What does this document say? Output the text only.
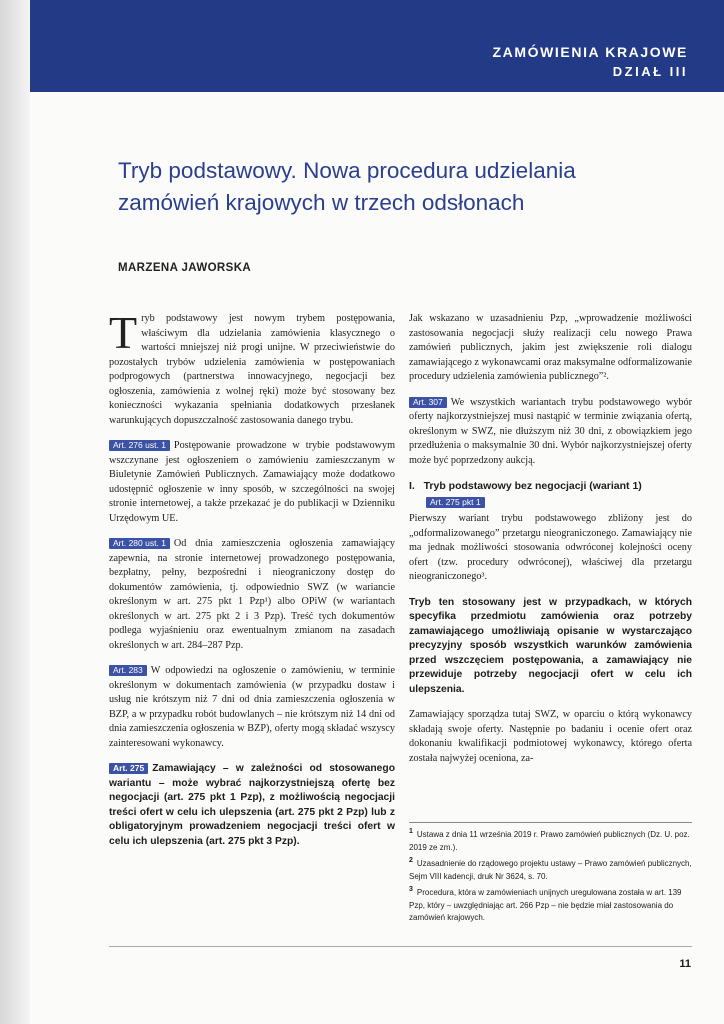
ZAMÓWIENIA KRAJOWE
DZIAŁ III
Tryb podstawowy. Nowa procedura udzielania zamówień krajowych w trzech odsłonach
MARZENA JAWORSKA

Tryb podstawowy jest nowym trybem postępowania, właściwym dla udzielania zamówienia klasycznego o wartości mniejszej niż progi unijne. W przeciwieństwie do pozostałych trybów udzielenia zamówienia w postępowaniach podprogowych (partnerstwa innowacyjnego, negocjacji bez ogłoszenia, zamówienia z wolnej ręki) może być stosowany bez konieczności wykazania spełniania dodatkowych przesłanek warunkujących dopuszczalność zastosowania danego trybu.

Art. 276 ust. 1 Postępowanie prowadzone w trybie podstawowym wszczynane jest ogłoszeniem o zamówieniu zamieszczanym w Biuletynie Zamówień Publicznych. Zamawiający może dodatkowo udostępnić ogłoszenie w inny sposób, w szczególności na swojej stronie internetowej, a także przekazać je do publikacji w Dzienniku Urzędowym UE.

Art. 280 ust. 1 Od dnia zamieszczenia ogłoszenia zamawiający zapewnia, na stronie internetowej prowadzonego postępowania, bezpłatny, pełny, bezpośredni i nieograniczony dostęp do dokumentów zamówienia, tj. odpowiednio SWZ (w wariancie określonym w art. 275 pkt 1 Pzp¹) albo OPiW (w wariantach określonych w art. 275 pkt 2 i 3 Pzp). Treść tych dokumentów podlega wyjaśnieniu oraz ewentualnym zmianom na zasadach określonych w art. 284–287 Pzp.

Art. 283 W odpowiedzi na ogłoszenie o zamówieniu, w terminie określonym w dokumentach zamówienia (w przypadku dostaw i usług nie krótszym niż 7 dni od dnia zamieszczenia ogłoszenia w BZP, a w przypadku robót budowlanych – nie krótszym niż 14 dni od dnia zamieszczenia ogłoszenia w BZP), oferty mogą składać wszyscy zainteresowani wykonawcy.

Art. 275 Zamawiający – w zależności od stosowanego wariantu – może wybrać najkorzystniejszą ofertę bez negocjacji (art. 275 pkt 1 Pzp), z możliwością negocjacji treści ofert w celu ich ulepszenia (art. 275 pkt 2 Pzp) lub z obligatoryjnym prowadzeniem negocjacji treści ofert w celu ich ulepszenia (art. 275 pkt 3 Pzp).

Jak wskazano w uzasadnieniu Pzp, „wprowadzenie możliwości zastosowania negocjacji służy realizacji celu nowego Prawa zamówień publicznych, jakim jest zwiększenie roli dialogu zamawiającego z wykonawcami oraz maksymalne odformalizowanie procedury udzielenia zamówienia publicznego”².

Art. 307 We wszystkich wariantach trybu podstawowego wybór oferty najkorzystniejszej musi nastąpić w terminie związania ofertą, określonym w SWZ, nie dłuższym niż 30 dni, z obowiązkiem jego przedłużenia o maksymalnie 30 dni. Wybór najkorzystniejszej oferty może być poprzedzony aukcją.

I.   Tryb podstawowy bez negocjacji (wariant 1)
Art. 275 pkt 1

Pierwszy wariant trybu podstawowego zbliżony jest do „odformalizowanego” przetargu nieograniczonego. Zamawiający nie ma jednak możliwości stosowania odwróconej kolejności oceny ofert (tzw. procedury odwróconej), właściwej dla przetargu nieograniczonego³.

Tryb ten stosowany jest w przypadkach, w których specyfika przedmiotu zamówienia oraz potrzeby zamawiającego umożliwiają opisanie w wystarczająco precyzyjny sposób wszystkich warunków zamówienia przed wszczęciem postępowania, a zamawiający nie przewiduje potrzeby negocjacji ofert w celu ich ulepszenia.

Zamawiający sporządza tutaj SWZ, w oparciu o którą wykonawcy składają swoje oferty. Następnie po badaniu i ocenie ofert oraz dokonaniu kwalifikacji podmiotowej wykonawcy, którego oferta została najwyżej oceniona, za-

$^1$ Ustawa z dnia 11 września 2019 r. Prawo zamówień publicznych (Dz. U. poz. 2019 ze zm.).
$^2$ Uzasadnienie do rządowego projektu ustawy – Prawo zamówień publicznych, Sejm VIII kadencji, druk Nr 3624, s. 70.
$^3$ Procedura, która w zamówieniach unijnych uregulowana została w art. 139 Pzp, który – uwzględniając art. 266 Pzp – nie będzie miał zastosowania do zamówień krajowych.
11
